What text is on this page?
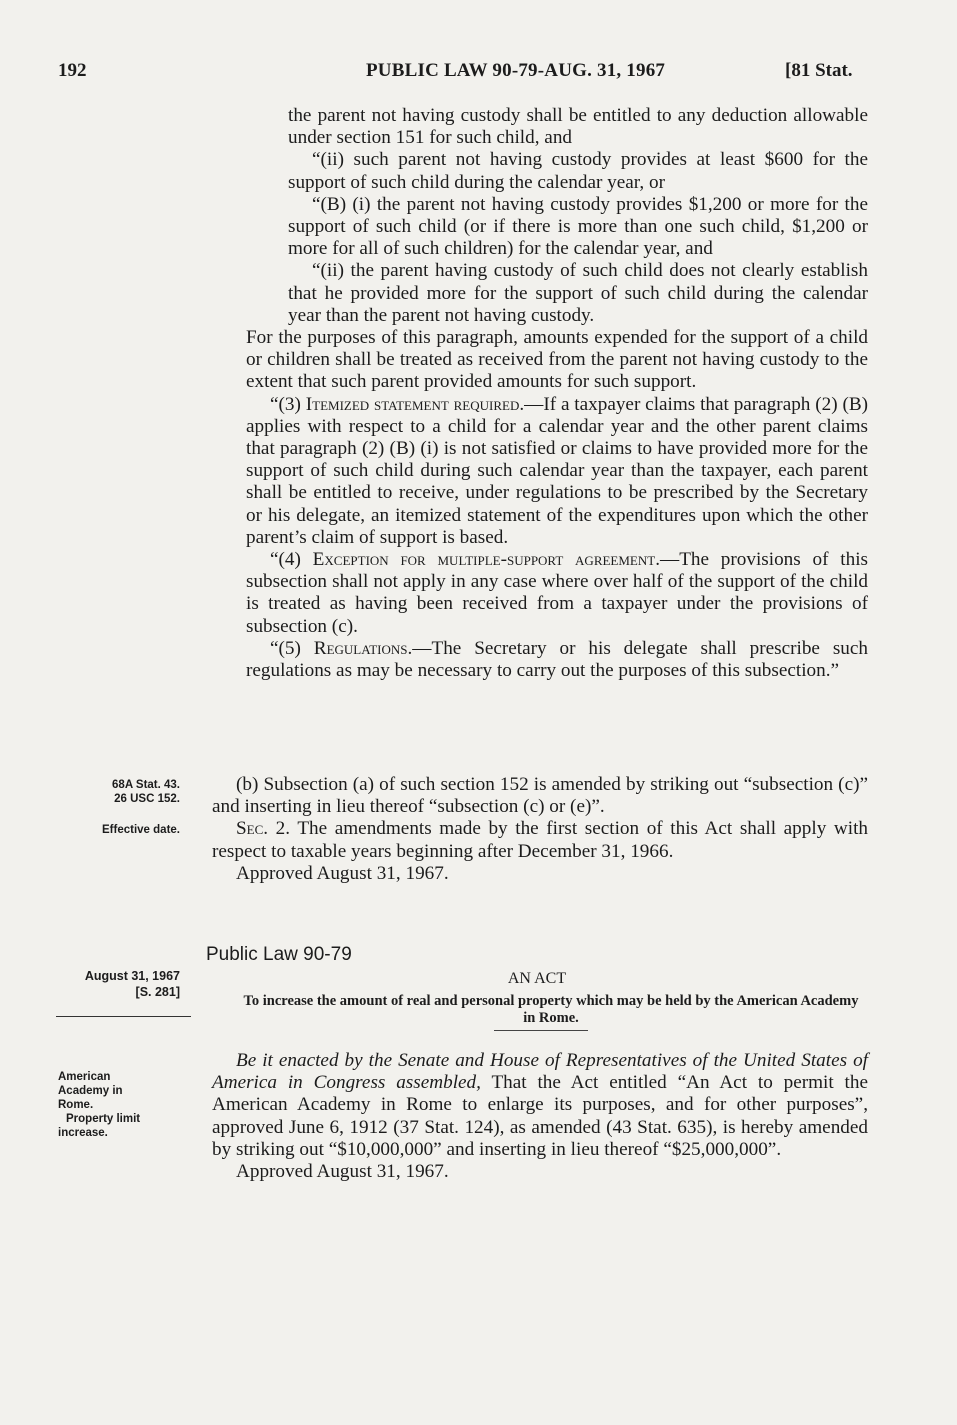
192	PUBLIC LAW 90-79-AUG. 31, 1967	[81 Stat.

the parent not having custody shall be entitled to any deduction allowable under section 151 for such child, and

“(ii) such parent not having custody provides at least $600 for the support of such child during the calendar year, or

“(B) (i) the parent not having custody provides $1,200 or more for the support of such child (or if there is more than one such child, $1,200 or more for all of such children) for the calendar year, and

“(ii) the parent having custody of such child does not clearly establish that he provided more for the support of such child during the calendar year than the parent not having custody.

For the purposes of this paragraph, amounts expended for the support of a child or children shall be treated as received from the parent not having custody to the extent that such parent provided amounts for such support.

“(3) Itemized statement required.—If a taxpayer claims that paragraph (2) (B) applies with respect to a child for a calendar year and the other parent claims that paragraph (2) (B) (i) is not satisfied or claims to have provided more for the support of such child during such calendar year than the taxpayer, each parent shall be entitled to receive, under regulations to be prescribed by the Secretary or his delegate, an itemized statement of the expenditures upon which the other parent’s claim of support is based.

“(4) Exception for multiple-support agreement.—The provisions of this subsection shall not apply in any case where over half of the support of the child is treated as having been received from a taxpayer under the provisions of subsection (c).

“(5) Regulations.—The Secretary or his delegate shall prescribe such regulations as may be necessary to carry out the purposes of this subsection.”

(b) Subsection (a) of such section 152 is amended by striking out “subsection (c)” and inserting in lieu thereof “subsection (c) or (e)”.

Sec. 2. The amendments made by the first section of this Act shall apply with respect to taxable years beginning after December 31, 1966.

Approved August 31, 1967.

68A Stat. 43.
26 USC 152.
Effective date.
Public Law 90-79
August 31, 1967
[S. 281]
AN ACT
To increase the amount of real and personal property which may be held by the American Academy in Rome.
American
Academy in
Rome.
Property limit
increase.

Be it enacted by the Senate and House of Representatives of the United States of America in Congress assembled, That the Act entitled “An Act to permit the American Academy in Rome to enlarge its purposes, and for other purposes”, approved June 6, 1912 (37 Stat. 124), as amended (43 Stat. 635), is hereby amended by striking out “$10,000,000” and inserting in lieu thereof “$25,000,000”.

Approved August 31, 1967.
